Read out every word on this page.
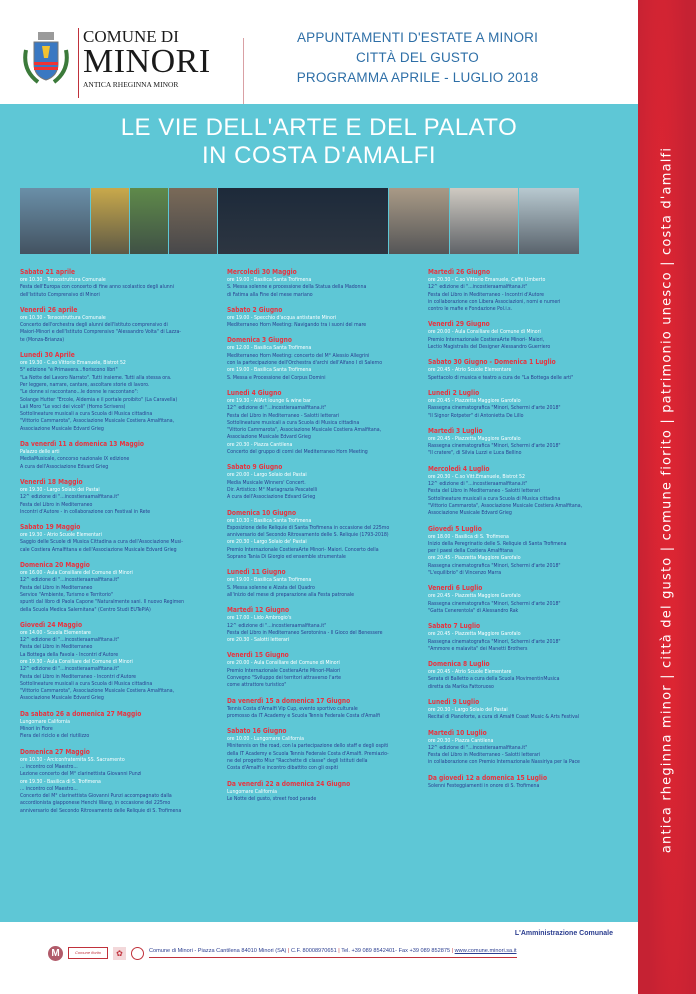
COMUNE DI
MINORI
ANTICA RHEGINNA MINOR
APPUNTAMENTI D'ESTATE A MINORI
CITTÀ DEL GUSTO
PROGRAMMA APRILE - LUGLIO 2018
LE VIE DELL'ARTE E DEL PALATO
IN COSTA D'AMALFI
Sabato 21 aprile
ore 10.30 - Tensostruttura Comunale
Festa dell'Europa con concerto di fine anno scolastico degli alunni
dell'Istituto Comprensivo di Minori
Venerdì 26 aprile
ore 10.30 - Tensostruttura Comunale
Concerto dell'orchestra degli alunni dell'Istituto comprensivo di
Maiori-Minori e dell'Istituto Comprensivo "Alessandro Volta" di Lazza-
te (Monza-Brianza)
Lunedì 30 Aprile
ore 19.30 - C.so Vittorio Emanuele, Bistrot 52
5° edizione "è Primavera...fioriscono libri"
"La Notte del Lavoro Narrato". Tutti insieme. Tutti alla stessa ora.
Per leggere, narrare, cantare, ascoltare storie di lavoro.
"Le donne si raccontano...le donne le raccontano":
Solange Hutter "Ercole, Aldemia e il portale proibito" (La Caravella)
Laiì Moro "Le voci dei vicoli" (Homo Scrivens)
Sottolineature musicali a cura Scuola di Musica cittadina
"Vittorio Cammarota", Associazione Musicale Costiera Amalfitana,
Associazione Musicale Edvard Grieg
Da venerdì 11 a domenica 13 Maggio
Palazzo delle arti
MediaMusicale, concorso nazionale IX edizione
A cura dell'Associazione Edvard Grieg
Venerdì 18 Maggio
ore 19.30 - Largo Solaio dei Pastai
12^ edizione di "...incostieraamalfitana.it"
Festa del Libro in Mediterraneo
Incontri d'Autore - in collaborazione con Festival in Rete
Sabato 19 Maggio
ore 19.30 - Atrio Scuole Elementari
Saggio delle Scuole di Musica Cittadina a cura dell'Associazione Musi-
cale Costiera Amalfitana e dell'Associazione Musicale Edvard Grieg
Domenica 20 Maggio
ore 16.00 - Aula Consiliare del Comune di Minori
12^ edizione di "...incostieraamalfitana.it"
Festa del Libro in Mediterraneo
Service "Ambiente, Turismo e Territorio"
spunti dal libro di Paola Capone "Naturalmente sani. Il nuovo Regimen
della Scuola Medica Salernitana" (Centro Studi EUTePIA)
Giovedì 24 Maggio
ore 14.00 - Scuola Elementare
12^ edizione di "...incostieraamalfitana.it"
Festa del Libro in Mediterraneo
La Bottega della Favola - Incontri d'Autore
ore 19.30 - Aula Consiliare del Comune di Minori
12^ edizione di "...incostieraamalfitana.it"
Festa del Libro in Mediterraneo - Incontri d'Autore
Sottolineature musicali a cura Scuola di Musica cittadina
"Vittorio Cammarota", Associazione Musicale Costiera Amalfitana,
Associazione Musicale Edvard Grieg
Da sabato 26 a domenica 27 Maggio
Lungomare California
Minori in Fiore
Fiera del riciclo e del riutilizzo
Domenica 27 Maggio
ore 10.30 - Arciconfraternita SS. Sacramento
... incontro col Maestro...
Lezione concerto del M° clarinettista Giovanni Punzi
ore 19.30 - Basilica di S. Trofimena
... incontro col Maestro...
Concerto del M° clarinettista Giovanni Punzi accompagnato dalla
accordionista giapponese Henchi Wang, in occasione del 225mo
anniversario del Secondo Ritrovamento delle Reliquie di S. Trofimena
Mercoledì 30 Maggio
ore 19.00 - Basilica Santa Trofimena
S. Messa solenne e processione della Statua della Madonna
di Fatima alla Fine del mese mariano
Sabato 2 Giugno
ore 19.00 - Specchio d'acqua antistante Minori
Mediterraneo Horn Meeting: Navigando tra i suoni del mare
Domenica 3 Giugno
ore 12.00 - Basilica Santa Trofimena
Mediterraneo Horn Meeting: concerto del M° Alessio Allegrini
con la partecipazione dell'Orchestra d'archi dell'Alfano I di Salerno
ore 19.00 - Basilica Santa Trofimena
S. Messa e Processione del Corpus Domini
Lunedì 4 Giugno
ore 19.30 - AllArt lounge & wine bar
12^ edizione di "...incostieraamalfitana.it"
Festa del Libro in Mediterraneo - Salotti letterari
Sottolineature musicali a cura Scuola di Musica cittadina
"Vittorio Cammarota", Associazione Musicale Costiera Amalfitana,
Associazione Musicale Edvard Grieg
ore 20.30 - Piazza Cantilena
Concerto del gruppo di corni del Mediterraneo Horn Meeting
Sabato 9 Giugno
ore 20.00 - Largo Solaio dei Pastai
Media Musicale Winners' Concert.
Dir. Artistico: M° Mariagrazia Pescatelli
A cura dell'Associazione Edvard Grieg
Domenica 10 Giugno
ore 10.30 - Basilica Santa Trofimena
Esposizione delle Reliquie di Santa Trofimena in occasione del 225mo
anniversario del Secondo Ritrovamento delle S. Reliquie (1793-2018)
ore 20.30 - Largo Solaio de' Pastai
Premio Internazionale CostieraArte Minori- Maiori. Concerto della
Soprano Tania Di Giorgio ed ensemble strumentale
Lunedì 11 Giugno
ore 19.00 - Basilica Santa Trofimena
S. Messa solenne e Alzata del Quadro
all'inizio del mese di preparazione alla Festa patronale
Martedì 12 Giugno
ore 17.00 - Lido Ambrogio's
12^ edizione di "...incostieraamalfitana.it"
Festa del Libro in Mediterraneo Serotonina - Il Gioco del Benessere
ore 20.30 - Salotti letterari
Venerdì 15 Giugno
ore 20.00 - Aula Consiliare del Comune di Minori
Premio Internazionale CostieraArte Minori-Maiori
Convegno "Sviluppo dei territori attraverso l'arte
come attrattore turistico"
Da venerdì 15 a domenica 17 Giugno
Tennis Costa d'Amalfi Vip Cup, evento sportivo culturale
promosso da IT Academy e Scuola Tennis Federale Costa d'Amalfi
Sabato 16 Giugno
ore 10.00 - Lungomare California
Minitennis on the road, con la partecipazione dello staff e degli ospiti
della IT Academy e Scuola Tennis Federale Costa d'Amalfi. Premiazio-
ne del progetto Miur "Racchette di classe" degli Istituti della
Costa d'Amalfi e incontro dibattito con gli ospiti
Da venerdì 22 a domenica 24 Giugno
Lungomare California
Le Notte del gusto, street food parade
Martedì 26 Giugno
ore 20.30 - C.so Vittorio Emanuele, Caffè Umberto
12^ edizione di "...incostieraamalfitana.it"
Festa del Libro in Mediterraneo - Incontri d'Autore
in collaborazione con Libera Associazioni, nomi e numeri
contro le mafie e Fondazione Pol.i.s.
Venerdì 29 Giugno
ore 20.00 - Aula Consiliare del Comune di Minori
Premio Internazionale CostieraArte Minori- Maiori,
Lectio Magistralis del Designer Alessandro Guerriero
Sabato 30 Giugno - Domenica 1 Luglio
ore 20.45 - Atrio Scuole Elementare
Spettacolo di musica e teatro a cura de "La Bottega delle arti"
Lunedì 2 Luglio
ore 20.45 - Piazzetta Maggiore Garofalo
Rassegna cinematografica "Minori, Schermi d'arte 2018"
"Il Signor Rotpeter" di Antonietta De Lillo
Martedì 3 Luglio
ore 20.45 - Piazzetta Maggiore Garofalo
Rassegna cinematografica "Minori, Schermi d'arte 2018"
"Il cratere", di Silvia Luzzi e Luca Bellino
Mercoledì 4 Luglio
ore 20.30 - C.so Vitt.Emanuele, Bistrot 52
12^ edizione di "...incostieraamalfitana.it"
Festa del Libro in Mediterraneo - Salotti letterari
Sottolineature musicali a cura Scuola di Musica cittadina
"Vittorio Cammarota", Associazione Musicale Costiera Amalfitana,
Associazione Musicale Edvard Grieg
Giovedì 5 Luglio
ore 18.00 - Basilica di S. Trofimena
Inizio della Peregrinatio delle S. Reliquie di Santa Trofimena
per i paesi della Costiera Amalfitana
ore 20.45 - Piazzetta Maggiore Garofalo
Rassegna cinematografica "Minori, Schermi d'arte 2018"
"L'equilibrio" di Vincenzo Marra
Venerdì 6 Luglio
ore 20.45 - Piazzetta Maggiore Garofalo
Rassegna cinematografica "Minori, Schermi d'arte 2018"
"Gatta Cenerentola" di Alessandro Rak
Sabato 7 Luglio
ore 20.45 - Piazzetta Maggiore Garofalo
Rassegna cinematografica "Minori, Schermi d'arte 2018"
"Ammore e malavita" dei Manetti Brothers
Domenica 8 Luglio
ore 20.45 - Atrio Scuole Elementare
Serata di Balletto a cura della Scuola MovimentinMusica
diretta da Marika Fattoruoso
Lunedì 9 Luglio
ore 20.30 - Largo Solaio dei Pastai
Recital di Pianoforte, a cura di Amalfi Coast Music & Arts Festival
Martedì 10 Luglio
ore 20.30 - Piazza Cantilena
12^ edizione di "...incostieraamalfitana.it"
Festa del Libro in Mediterraneo - Salotti letterari
in collaborazione con Premio Internazionale Nassiriya per la Pace
Da giovedì 12 a domenica 15 Luglio
Solenni Festeggiamenti in onore di S. Trofimena
L'Amministrazione Comunale
M	Comune fiorito	✿	Comune di Minori - Piazza Cantilena 84010 Minori (SA) | C.F. 80008970651 | Tel. +39 089 8542401- Fax +39 089 852875 | www.comune.minori.sa.it
antica rheginna minor | città del gusto | comune fiorito | patrimonio unesco | costa d'amalfi
